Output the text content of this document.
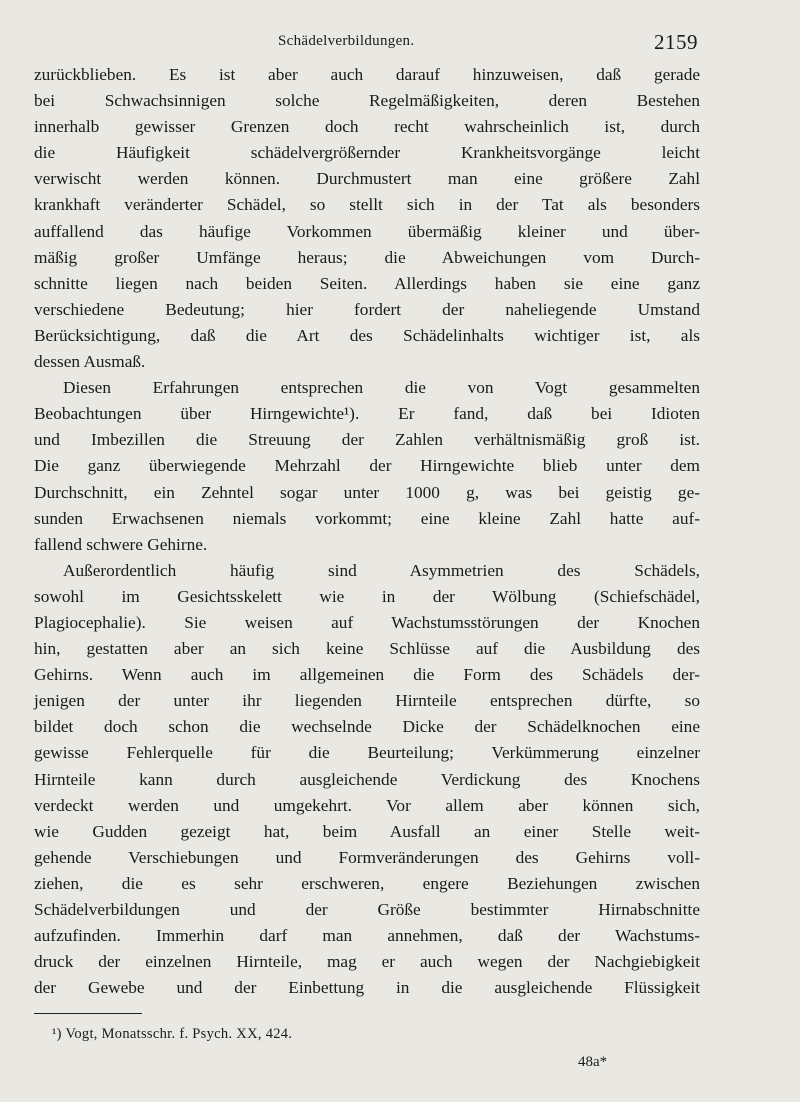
Schädelverbildungen.	2159

zurückblieben. Es ist aber auch darauf hinzuweisen, daß gerade
bei Schwachsinnigen solche Regelmäßigkeiten, deren Bestehen
innerhalb gewisser Grenzen doch recht wahrscheinlich ist, durch
die Häufigkeit schädelvergrößernder Krankheitsvorgänge leicht
verwischt werden können. Durchmustert man eine größere Zahl
krankhaft veränderter Schädel, so stellt sich in der Tat als besonders
auffallend das häufige Vorkommen übermäßig kleiner und über-
mäßig großer Umfänge heraus; die Abweichungen vom Durch-
schnitte liegen nach beiden Seiten. Allerdings haben sie eine ganz
verschiedene Bedeutung; hier fordert der naheliegende Umstand
Berücksichtigung, daß die Art des Schädelinhalts wichtiger ist, als
dessen Ausmaß.

Diesen Erfahrungen entsprechen die von Vogt gesammelten
Beobachtungen über Hirngewichte¹). Er fand, daß bei Idioten
und Imbezillen die Streuung der Zahlen verhältnismäßig groß ist.
Die ganz überwiegende Mehrzahl der Hirngewichte blieb unter dem
Durchschnitt, ein Zehntel sogar unter 1000 g, was bei geistig ge-
sunden Erwachsenen niemals vorkommt; eine kleine Zahl hatte auf-
fallend schwere Gehirne.

Außerordentlich häufig sind Asymmetrien des Schädels,
sowohl im Gesichtsskelett wie in der Wölbung (Schiefschädel,
Plagiocephalie). Sie weisen auf Wachstumsstörungen der Knochen
hin, gestatten aber an sich keine Schlüsse auf die Ausbildung des
Gehirns. Wenn auch im allgemeinen die Form des Schädels der-
jenigen der unter ihr liegenden Hirnteile entsprechen dürfte, so
bildet doch schon die wechselnde Dicke der Schädelknochen eine
gewisse Fehlerquelle für die Beurteilung; Verkümmerung einzelner
Hirnteile kann durch ausgleichende Verdickung des Knochens
verdeckt werden und umgekehrt. Vor allem aber können sich,
wie Gudden gezeigt hat, beim Ausfall an einer Stelle weit-
gehende Verschiebungen und Formveränderungen des Gehirns voll-
ziehen, die es sehr erschweren, engere Beziehungen zwischen
Schädelverbildungen und der Größe bestimmter Hirnabschnitte
aufzufinden. Immerhin darf man annehmen, daß der Wachstums-
druck der einzelnen Hirnteile, mag er auch wegen der Nachgiebigkeit
der Gewebe und der Einbettung in die ausgleichende Flüssigkeit

¹) Vogt, Monatsschr. f. Psych. XX, 424.
48a*
